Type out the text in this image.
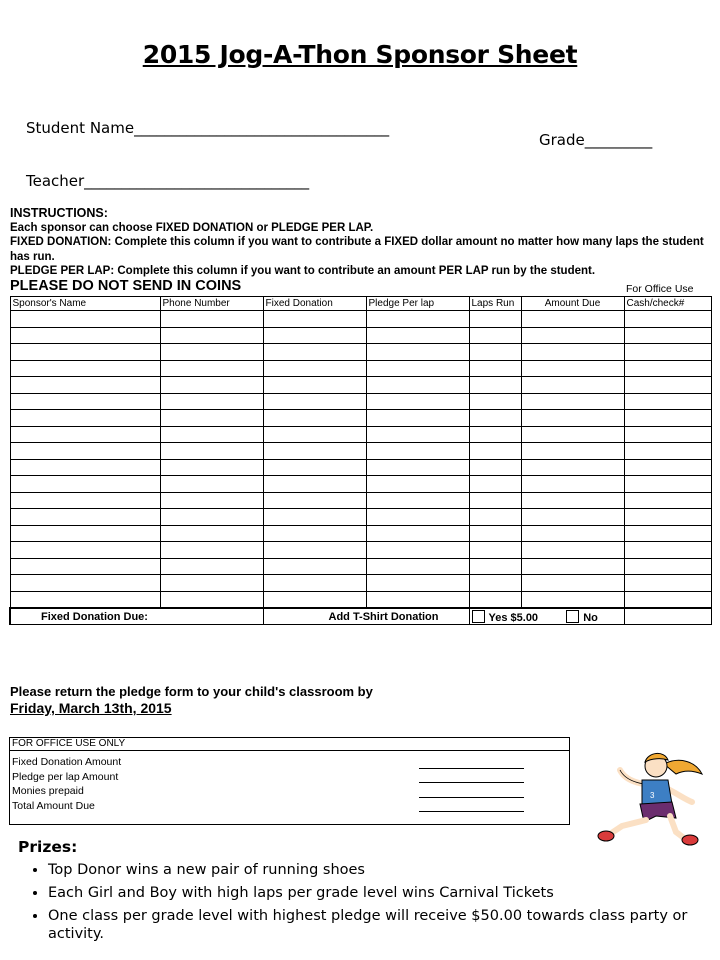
2015 Jog-A-Thon Sponsor Sheet
Student Name__________________________________
Grade_________
Teacher______________________________
INSTRUCTIONS:
Each sponsor can choose FIXED DONATION or PLEDGE PER LAP.
FIXED DONATION: Complete this column if you want to contribute a FIXED dollar amount no matter how many laps the student has run.
PLEDGE PER LAP: Complete this column if you want to contribute an amount PER LAP run by the student.
PLEASE DO NOT SEND IN COINS	For Office Use
Sponsor's Name	Phone Number	Fixed Donation	Pledge Per lap	Laps Run	Amount Due	Cash/check#

Fixed Donation Due:		Add T-Shirt Donation		Yes $5.00 No		
Please return the pledge form to your child's classroom by
Friday, March 13th, 2015
FOR OFFICE USE ONLY
Fixed Donation Amount
Pledge per lap Amount
Monies prepaid
Total Amount Due
3
Prizes:
• Top Donor wins a new pair of running shoes
• Each Girl and Boy with high laps per grade level wins Carnival Tickets
• One class per grade level with highest pledge will receive $50.00 towards class party or activity.
